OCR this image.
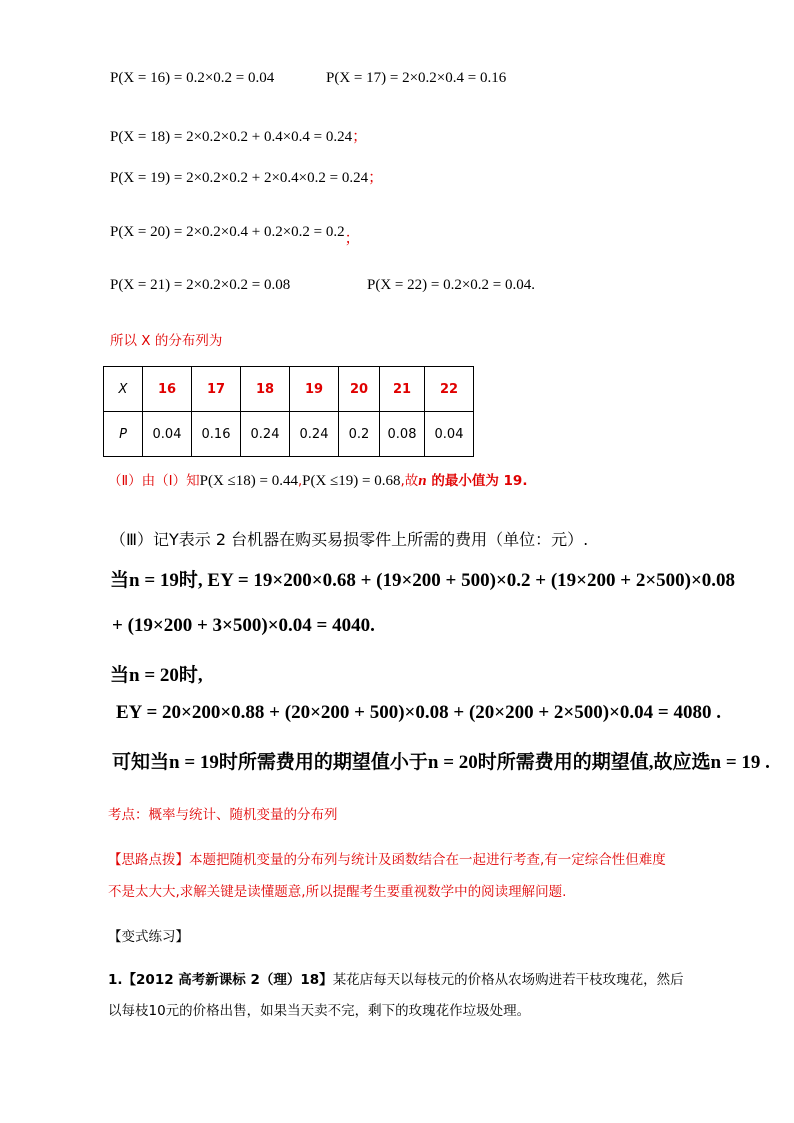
P(X = 16) = 0.2×0.2 = 0.04	P(X = 17) = 2×0.2×0.4 = 0.16
P(X = 18) = 2×0.2×0.2 + 0.4×0.4 = 0.24；
P(X = 19) = 2×0.2×0.2 + 2×0.4×0.2 = 0.24；
P(X = 20) = 2×0.2×0.4 + 0.2×0.2 = 0.2；
P(X = 21) = 2×0.2×0.2 = 0.08	P(X = 22) = 0.2×0.2 = 0.04.
所以 X 的分布列为
X	16	17	18	19	20	21	22
P	0.04	0.16	0.24	0.24	0.2	0.08	0.04
（Ⅱ）由（Ⅰ）知P(X ≤18) = 0.44,P(X ≤19) = 0.68,故n 的最小值为 19.
（Ⅲ）记Y表示 2 台机器在购买易损零件上所需的费用（单位：元）.
当n = 19时, EY = 19×200×0.68 + (19×200 + 500)×0.2 + (19×200 + 2×500)×0.08
+ (19×200 + 3×500)×0.04 = 4040.
当n = 20时,
EY = 20×200×0.88 + (20×200 + 500)×0.08 + (20×200 + 2×500)×0.04 = 4080 .
可知当n = 19时所需费用的期望值小于n = 20时所需费用的期望值,故应选n = 19 .
考点：概率与统计、随机变量的分布列
【思路点拨】本题把随机变量的分布列与统计及函数结合在一起进行考查,有一定综合性但难度
不是太大大,求解关键是读懂题意,所以提醒考生要重视数学中的阅读理解问题.
【变式练习】
1.【2012 高考新课标 2（理）18】某花店每天以每枝元的价格从农场购进若干枝玫瑰花，然后
以每枝10元的价格出售，如果当天卖不完，剩下的玫瑰花作垃圾处理。
